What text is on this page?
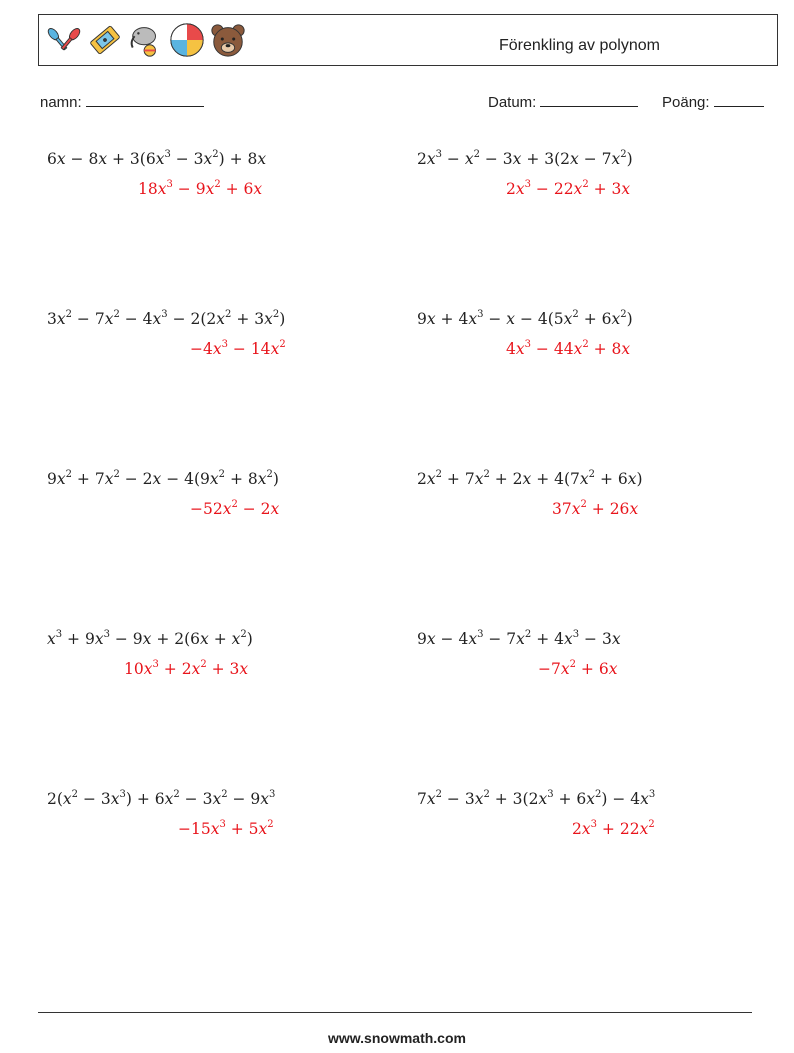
Förenkling av polynom
namn:	Datum:	Poäng:
$6x - 8x + 3(6x^3 - 3x^2) + 8x$
$18x^3 - 9x^2 + 6x$
$2x^3 - x^2 - 3x + 3(2x - 7x^2)$
$2x^3 - 22x^2 + 3x$
$3x^2 - 7x^2 - 4x^3 - 2(2x^2 + 3x^2)$
$-4x^3 - 14x^2$
$9x + 4x^3 - x - 4(5x^2 + 6x^2)$
$4x^3 - 44x^2 + 8x$
$9x^2 + 7x^2 - 2x - 4(9x^2 + 8x^2)$
$-52x^2 - 2x$
$2x^2 + 7x^2 + 2x + 4(7x^2 + 6x)$
$37x^2 + 26x$
$x^3 + 9x^3 - 9x + 2(6x + x^2)$
$10x^3 + 2x^2 + 3x$
$9x - 4x^3 - 7x^2 + 4x^3 - 3x$
$-7x^2 + 6x$
$2(x^2 - 3x^3) + 6x^2 - 3x^2 - 9x^3$
$-15x^3 + 5x^2$
$7x^2 - 3x^2 + 3(2x^3 + 6x^2) - 4x^3$
$2x^3 + 22x^2$
www.snowmath.com
